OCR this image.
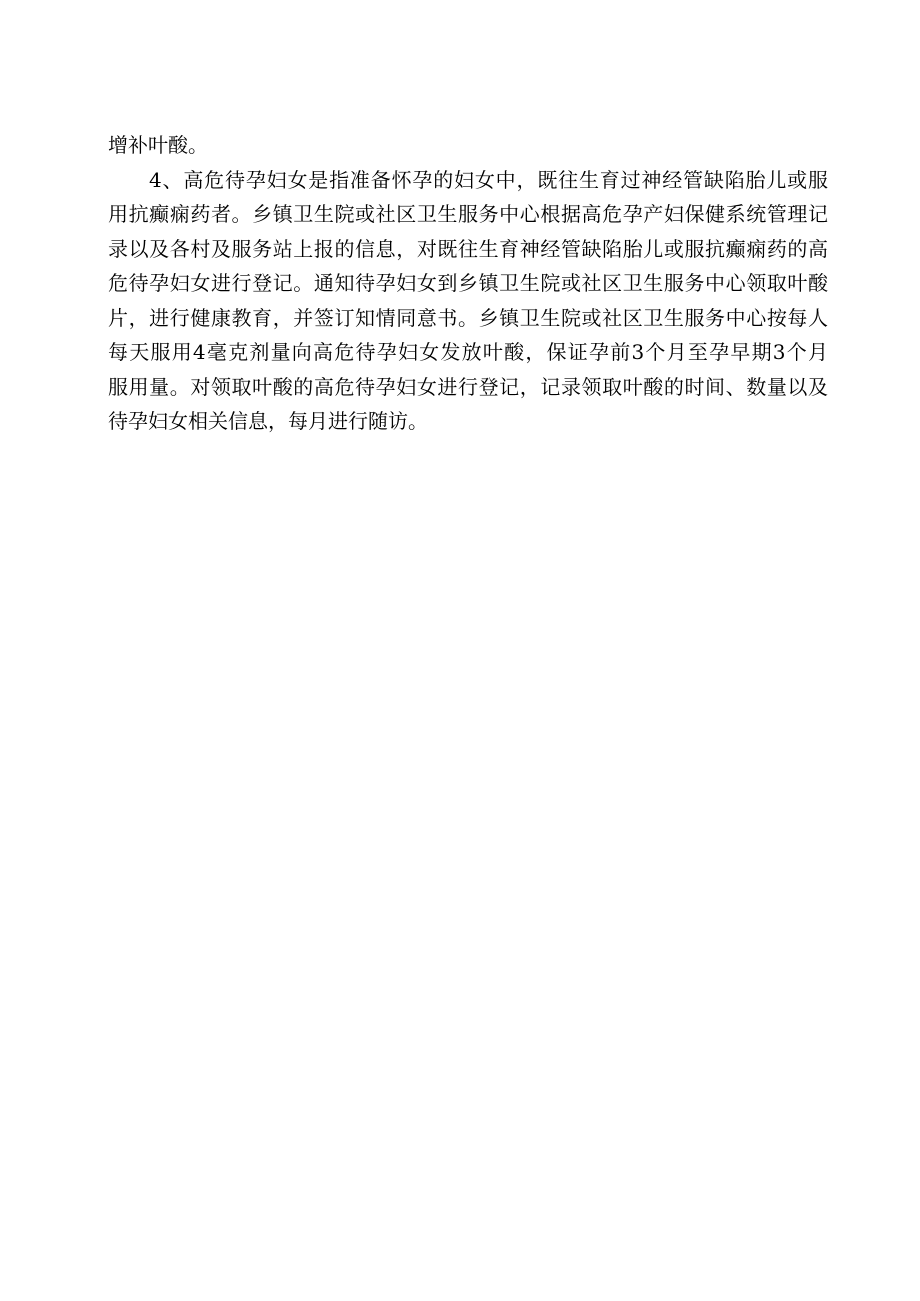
增补叶酸。
4、高危待孕妇女是指准备怀孕的妇女中，既往生育过神经管缺陷胎儿或服
用抗癫痫药者。乡镇卫生院或社区卫生服务中心根据高危孕产妇保健系统管理记
录以及各村及服务站上报的信息，对既往生育神经管缺陷胎儿或服抗癫痫药的高
危待孕妇女进行登记。通知待孕妇女到乡镇卫生院或社区卫生服务中心领取叶酸
片，进行健康教育，并签订知情同意书。乡镇卫生院或社区卫生服务中心按每人
每天服用4毫克剂量向高危待孕妇女发放叶酸，保证孕前3个月至孕早期3个月
服用量。对领取叶酸的高危待孕妇女进行登记，记录领取叶酸的时间、数量以及
待孕妇女相关信息，每月进行随访。
